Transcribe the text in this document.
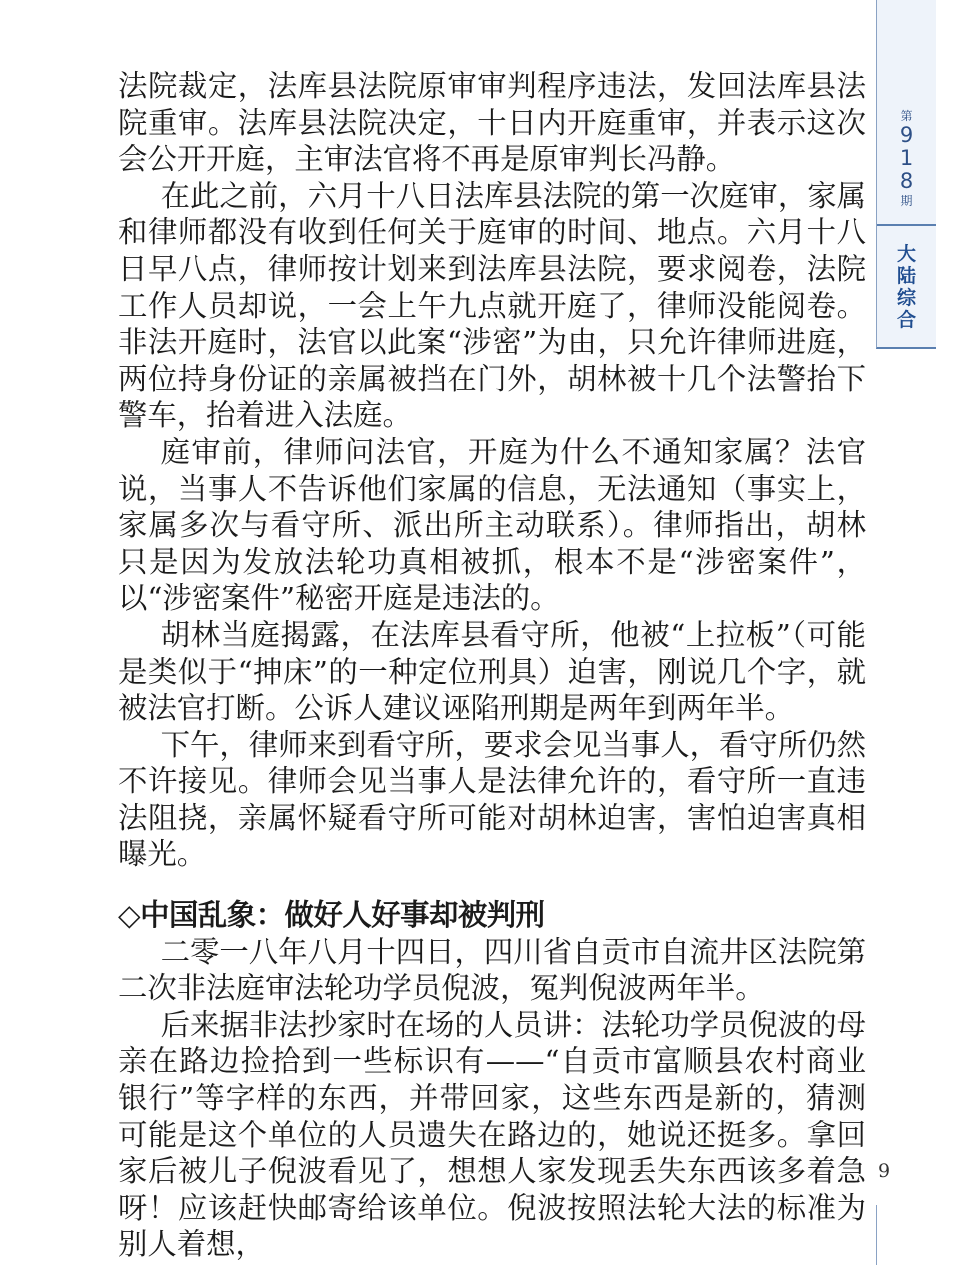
法院裁定，法库县法院原审审判程序违法，发回法库县法院重审。法库县法院决定，十日内开庭重审，并表示这次会公开开庭，主审法官将不再是原审判长冯静。

在此之前，六月十八日法库县法院的第一次庭审，家属和律师都没有收到任何关于庭审的时间、地点。六月十八日早八点，律师按计划来到法库县法院，要求阅卷，法院工作人员却说，一会上午九点就开庭了，律师没能阅卷。非法开庭时，法官以此案“涉密”为由，只允许律师进庭，两位持身份证的亲属被挡在门外，胡林被十几个法警抬下警车，抬着进入法庭。

庭审前，律师问法官，开庭为什么不通知家属？法官说，当事人不告诉他们家属的信息，无法通知（事实上，家属多次与看守所、派出所主动联系）。律师指出，胡林只是因为发放法轮功真相被抓，根本不是“涉密案件”，以“涉密案件”秘密开庭是违法的。

胡林当庭揭露，在法库县看守所，他被“上拉板”（可能是类似于“抻床”的一种定位刑具）迫害，刚说几个字，就被法官打断。公诉人建议诬陷刑期是两年到两年半。

下午，律师来到看守所，要求会见当事人，看守所仍然不许接见。律师会见当事人是法律允许的，看守所一直违法阻挠，亲属怀疑看守所可能对胡林迫害，害怕迫害真相曝光。

◇中国乱象：做好人好事却被判刑

二零一八年八月十四日，四川省自贡市自流井区法院第二次非法庭审法轮功学员倪波，冤判倪波两年半。

后来据非法抄家时在场的人员讲：法轮功学员倪波的母亲在路边捡拾到一些标识有——“自贡市富顺县农村商业银行”等字样的东西，并带回家，这些东西是新的，猜测可能是这个单位的人员遗失在路边的，她说还挺多。拿回家后被儿子倪波看见了，想想人家发现丢失东西该多着急呀！应该赶快邮寄给该单位。倪波按照法轮大法的标准为别人着想，

第
9
1
8
期
大
陆
综
合
9
